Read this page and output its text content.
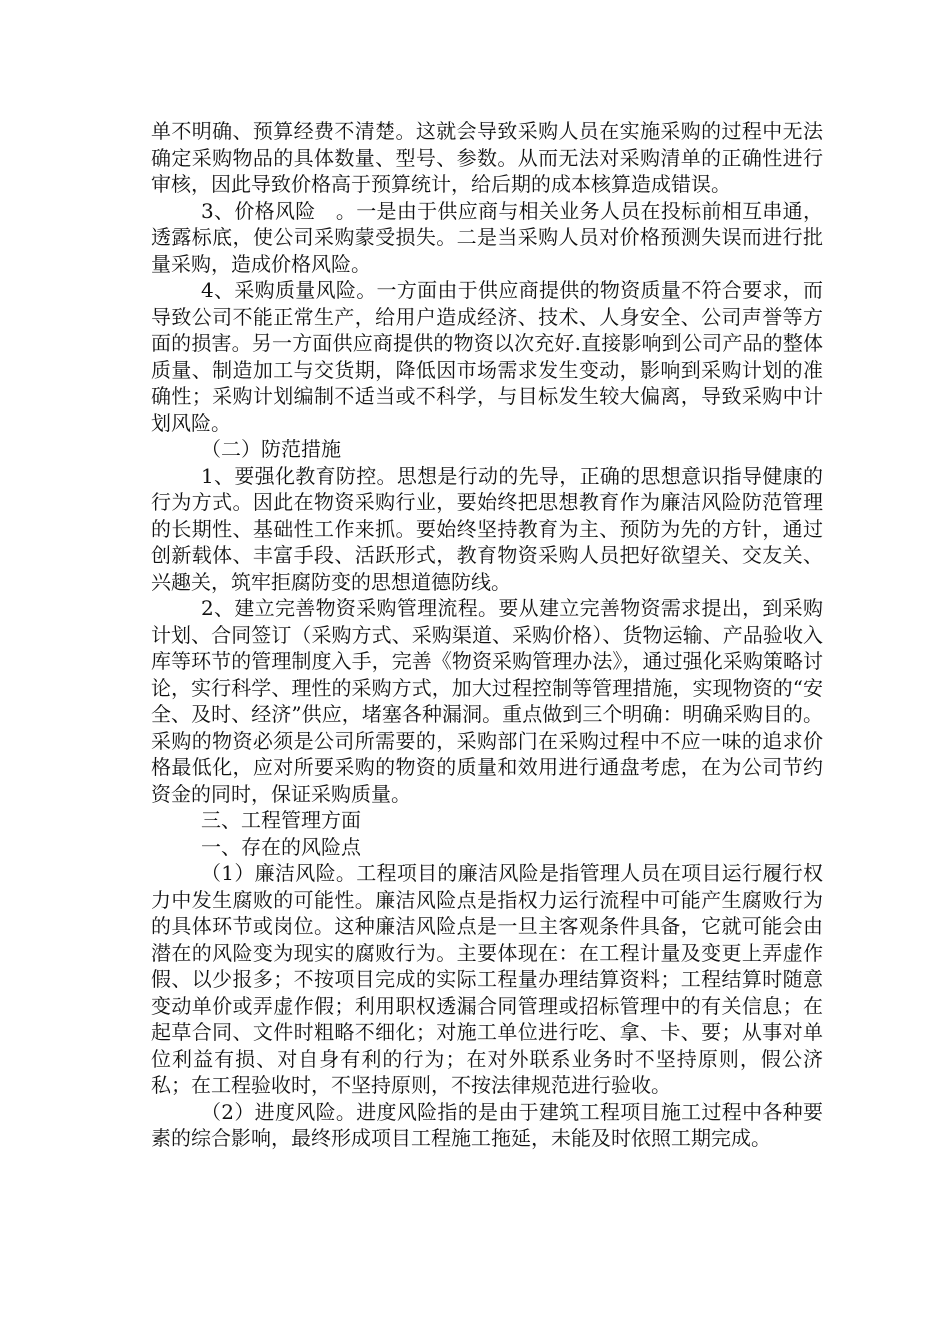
单不明确、预算经费不清楚。这就会导致采购人员在实施采购的过程中无法确定采购物品的具体数量、型号、参数。从而无法对采购清单的正确性进行审核，因此导致价格高于预算统计，给后期的成本核算造成错误。

3、价格风险　。一是由于供应商与相关业务人员在投标前相互串通，透露标底，使公司采购蒙受损失。二是当采购人员对价格预测失误而进行批量采购，造成价格风险。

4、采购质量风险。一方面由于供应商提供的物资质量不符合要求，而导致公司不能正常生产，给用户造成经济、技术、人身安全、公司声誉等方面的损害。另一方面供应商提供的物资以次充好.直接影响到公司产品的整体质量、制造加工与交货期，降低因市场需求发生变动，影响到采购计划的准确性；采购计划编制不适当或不科学，与目标发生较大偏离，导致采购中计划风险。

（二）防范措施

1、要强化教育防控。思想是行动的先导，正确的思想意识指导健康的行为方式。因此在物资采购行业，要始终把思想教育作为廉洁风险防范管理的长期性、基础性工作来抓。要始终坚持教育为主、预防为先的方针，通过创新载体、丰富手段、活跃形式，教育物资采购人员把好欲望关、交友关、兴趣关，筑牢拒腐防变的思想道德防线。

2、建立完善物资采购管理流程。要从建立完善物资需求提出，到采购计划、合同签订（采购方式、采购渠道、采购价格）、货物运输、产品验收入库等环节的管理制度入手，完善《物资采购管理办法》，通过强化采购策略讨论，实行科学、理性的采购方式，加大过程控制等管理措施，实现物资的“安全、及时、经济”供应，堵塞各种漏洞。重点做到三个明确：明确采购目的。采购的物资必须是公司所需要的，采购部门在采购过程中不应一味的追求价格最低化，应对所要采购的物资的质量和效用进行通盘考虑，在为公司节约资金的同时，保证采购质量。

三、工程管理方面

一、存在的风险点

（1）廉洁风险。工程项目的廉洁风险是指管理人员在项目运行履行权力中发生腐败的可能性。廉洁风险点是指权力运行流程中可能产生腐败行为的具体环节或岗位。这种廉洁风险点是一旦主客观条件具备，它就可能会由潜在的风险变为现实的腐败行为。主要体现在：在工程计量及变更上弄虚作假、以少报多；不按项目完成的实际工程量办理结算资料；工程结算时随意变动单价或弄虚作假；利用职权透漏合同管理或招标管理中的有关信息；在起草合同、文件时粗略不细化；对施工单位进行吃、拿、卡、要；从事对单位利益有损、对自身有利的行为；在对外联系业务时不坚持原则，假公济私；在工程验收时，不坚持原则，不按法律规范进行验收。

（2）进度风险。进度风险指的是由于建筑工程项目施工过程中各种要素的综合影响，最终形成项目工程施工拖延，未能及时依照工期完成。
